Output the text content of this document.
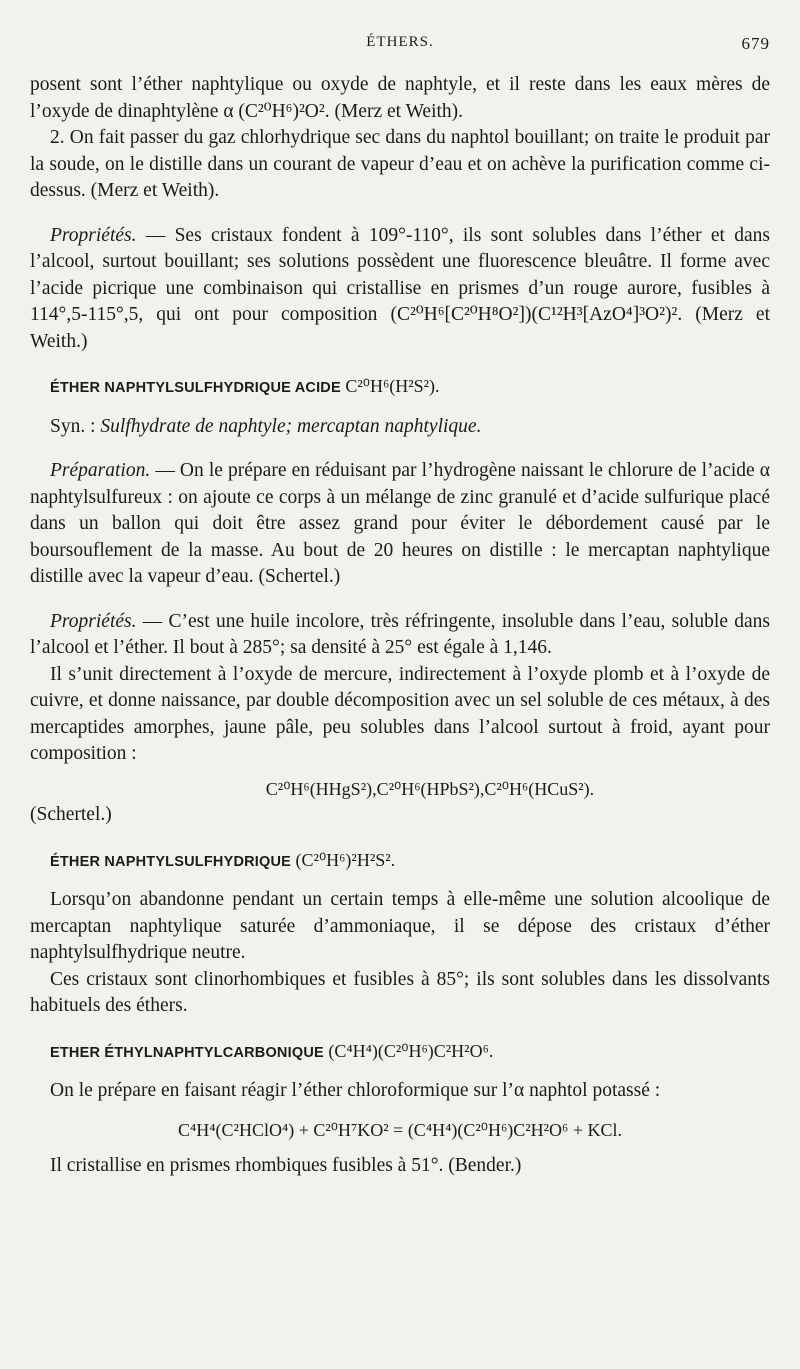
ÉTHERS.	679

posent sont l’éther naphtylique ou oxyde de naphtyle, et il reste dans les eaux mères de l’oxyde de dinaphtylène α (C²⁰H⁶)²O². (Merz et Weith).

2. On fait passer du gaz chlorhydrique sec dans du naphtol bouillant; on traite le produit par la soude, on le distille dans un courant de vapeur d’eau et on achève la purification comme ci-dessus. (Merz et Weith).

Propriétés. — Ses cristaux fondent à 109°-110°, ils sont solubles dans l’éther et dans l’alcool, surtout bouillant; ses solutions possèdent une fluorescence bleuâtre. Il forme avec l’acide picrique une combinaison qui cristallise en prismes d’un rouge aurore, fusibles à 114°,5-115°,5, qui ont pour composition (C²⁰H⁶[C²⁰H⁸O²])(C¹²H³[AzO⁴]³O²)². (Merz et Weith.)

ÉTHER NAPHTYLSULFHYDRIQUE ACIDE C²⁰H⁶(H²S²).

Syn. : Sulfhydrate de naphtyle; mercaptan naphtylique.

Préparation. — On le prépare en réduisant par l’hydrogène naissant le chlorure de l’acide α naphtylsulfureux : on ajoute ce corps à un mélange de zinc granulé et d’acide sulfurique placé dans un ballon qui doit être assez grand pour éviter le débordement causé par le boursouflement de la masse. Au bout de 20 heures on distille : le mercaptan naphtylique distille avec la vapeur d’eau. (Schertel.)

Propriétés. — C’est une huile incolore, très réfringente, insoluble dans l’eau, soluble dans l’alcool et l’éther. Il bout à 285°; sa densité à 25° est égale à 1,146.

Il s’unit directement à l’oxyde de mercure, indirectement à l’oxyde plomb et à l’oxyde de cuivre, et donne naissance, par double décomposition avec un sel soluble de ces métaux, à des mercaptides amorphes, jaune pâle, peu solubles dans l’alcool surtout à froid, ayant pour composition :

C²⁰H⁶(HHgS²),C²⁰H⁶(HPbS²),C²⁰H⁶(HCuS²).

(Schertel.)

ÉTHER NAPHTYLSULFHYDRIQUE (C²⁰H⁶)²H²S².

Lorsqu’on abandonne pendant un certain temps à elle-même une solution alcoolique de mercaptan naphtylique saturée d’ammoniaque, il se dépose des cristaux d’éther naphtylsulfhydrique neutre.

Ces cristaux sont clinorhombiques et fusibles à 85°; ils sont solubles dans les dissolvants habituels des éthers.

ETHER ÉTHYLNAPHTYLCARBONIQUE (C⁴H⁴)(C²⁰H⁶)C²H²O⁶.

On le prépare en faisant réagir l’éther chloroformique sur l’α naphtol potassé :

C⁴H⁴(C²HClO⁴) + C²⁰H⁷KO² = (C⁴H⁴)(C²⁰H⁶)C²H²O⁶ + KCl.

Il cristallise en prismes rhombiques fusibles à 51°. (Bender.)
